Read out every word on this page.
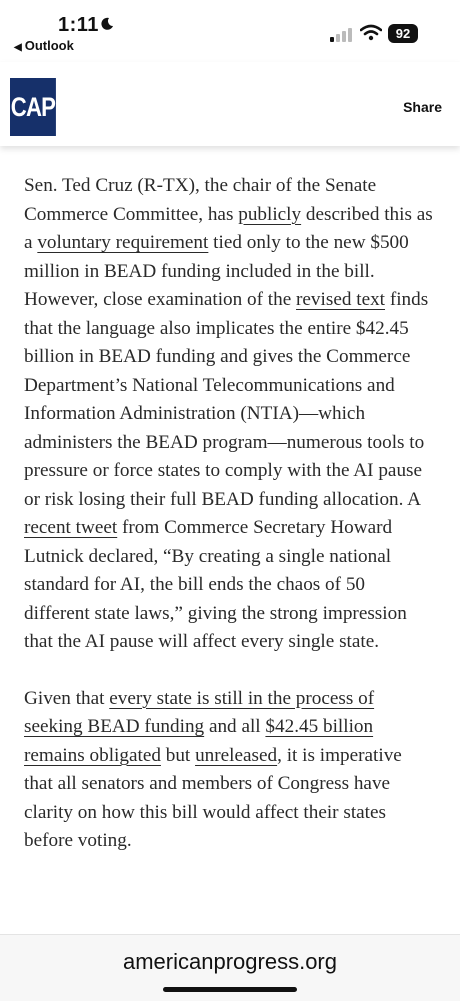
1:11
◀ Outlook
92
CAP	Share

Sen. Ted Cruz (R-TX), the chair of the Senate Commerce Committee, has publicly described this as a voluntary requirement tied only to the new $500 million in BEAD funding included in the bill. However, close examination of the revised text finds that the language also implicates the entire $42.45 billion in BEAD funding and gives the Commerce Department’s National Telecommunications and Information Administration (NTIA)—which administers the BEAD program—numerous tools to pressure or force states to comply with the AI pause or risk losing their full BEAD funding allocation. A recent tweet from Commerce Secretary Howard Lutnick declared, “By creating a single national standard for AI, the bill ends the chaos of 50 different state laws,” giving the strong impression that the AI pause will affect every single state.

Given that every state is still in the process of seeking BEAD funding and all $42.45 billion remains obligated but unreleased, it is imperative that all senators and members of Congress have clarity on how this bill would affect their states before voting.

americanprogress.org
